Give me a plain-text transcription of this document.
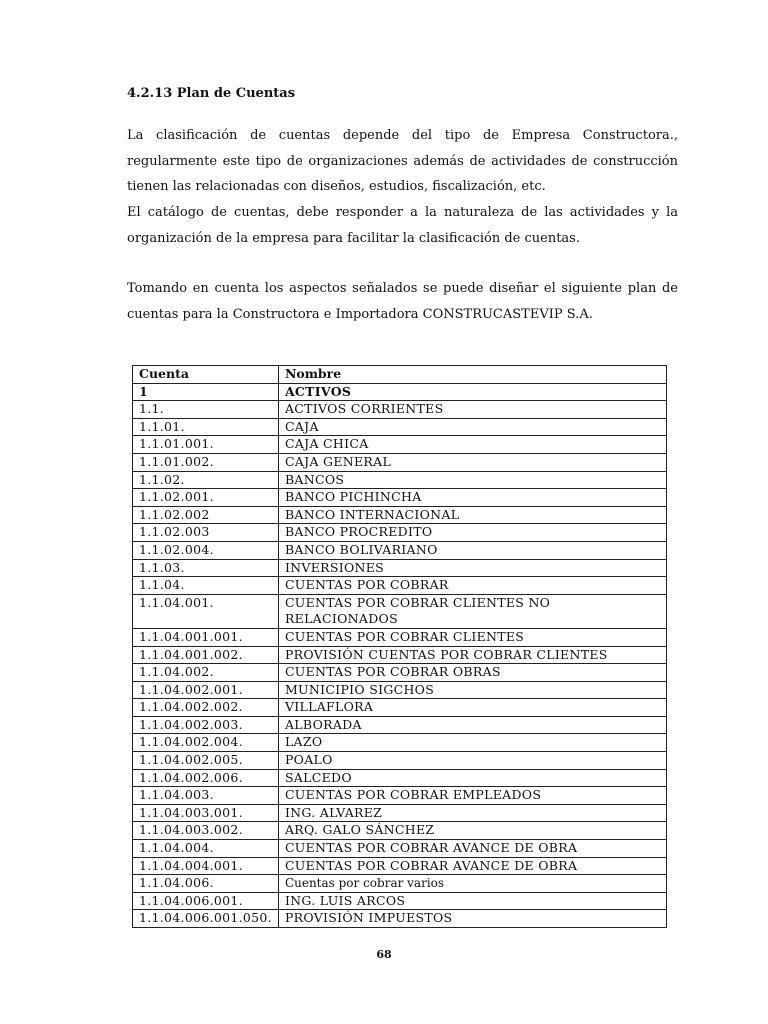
4.2.13 Plan de Cuentas

La clasificación de cuentas depende del tipo de Empresa Constructora., regularmente este tipo de organizaciones además de actividades de construcción tienen las relacionadas con diseños, estudios, fiscalización, etc.

El catálogo de cuentas, debe responder a la naturaleza de las actividades y la organización de la empresa para facilitar la clasificación de cuentas.

Tomando en cuenta los aspectos señalados se puede diseñar el siguiente plan de cuentas para la Constructora e Importadora CONSTRUCASTEVIP S.A.

Cuenta	Nombre
1	ACTIVOS
1.1.	ACTIVOS CORRIENTES
1.1.01.	CAJA
1.1.01.001.	CAJA CHICA
1.1.01.002.	CAJA GENERAL
1.1.02.	BANCOS
1.1.02.001.	BANCO PICHINCHA
1.1.02.002	BANCO INTERNACIONAL
1.1.02.003	BANCO PROCREDITO
1.1.02.004.	BANCO BOLIVARIANO
1.1.03.	INVERSIONES
1.1.04.	CUENTAS POR COBRAR
1.1.04.001.	CUENTAS POR COBRAR CLIENTES NO RELACIONADOS
1.1.04.001.001.	CUENTAS POR COBRAR CLIENTES
1.1.04.001.002.	PROVISIÓN CUENTAS POR COBRAR CLIENTES
1.1.04.002.	CUENTAS POR COBRAR OBRAS
1.1.04.002.001.	MUNICIPIO SIGCHOS
1.1.04.002.002.	VILLAFLORA
1.1.04.002.003.	ALBORADA
1.1.04.002.004.	LAZO
1.1.04.002.005.	POALO
1.1.04.002.006.	SALCEDO
1.1.04.003.	CUENTAS POR COBRAR EMPLEADOS
1.1.04.003.001.	ING. ALVAREZ
1.1.04.003.002.	ARQ. GALO SÁNCHEZ
1.1.04.004.	CUENTAS POR COBRAR AVANCE DE OBRA
1.1.04.004.001.	CUENTAS POR COBRAR AVANCE DE OBRA
1.1.04.006.	Cuentas por cobrar varios
1.1.04.006.001.	ING. LUIS ARCOS
1.1.04.006.001.050.	PROVISIÓN IMPUESTOS

68
